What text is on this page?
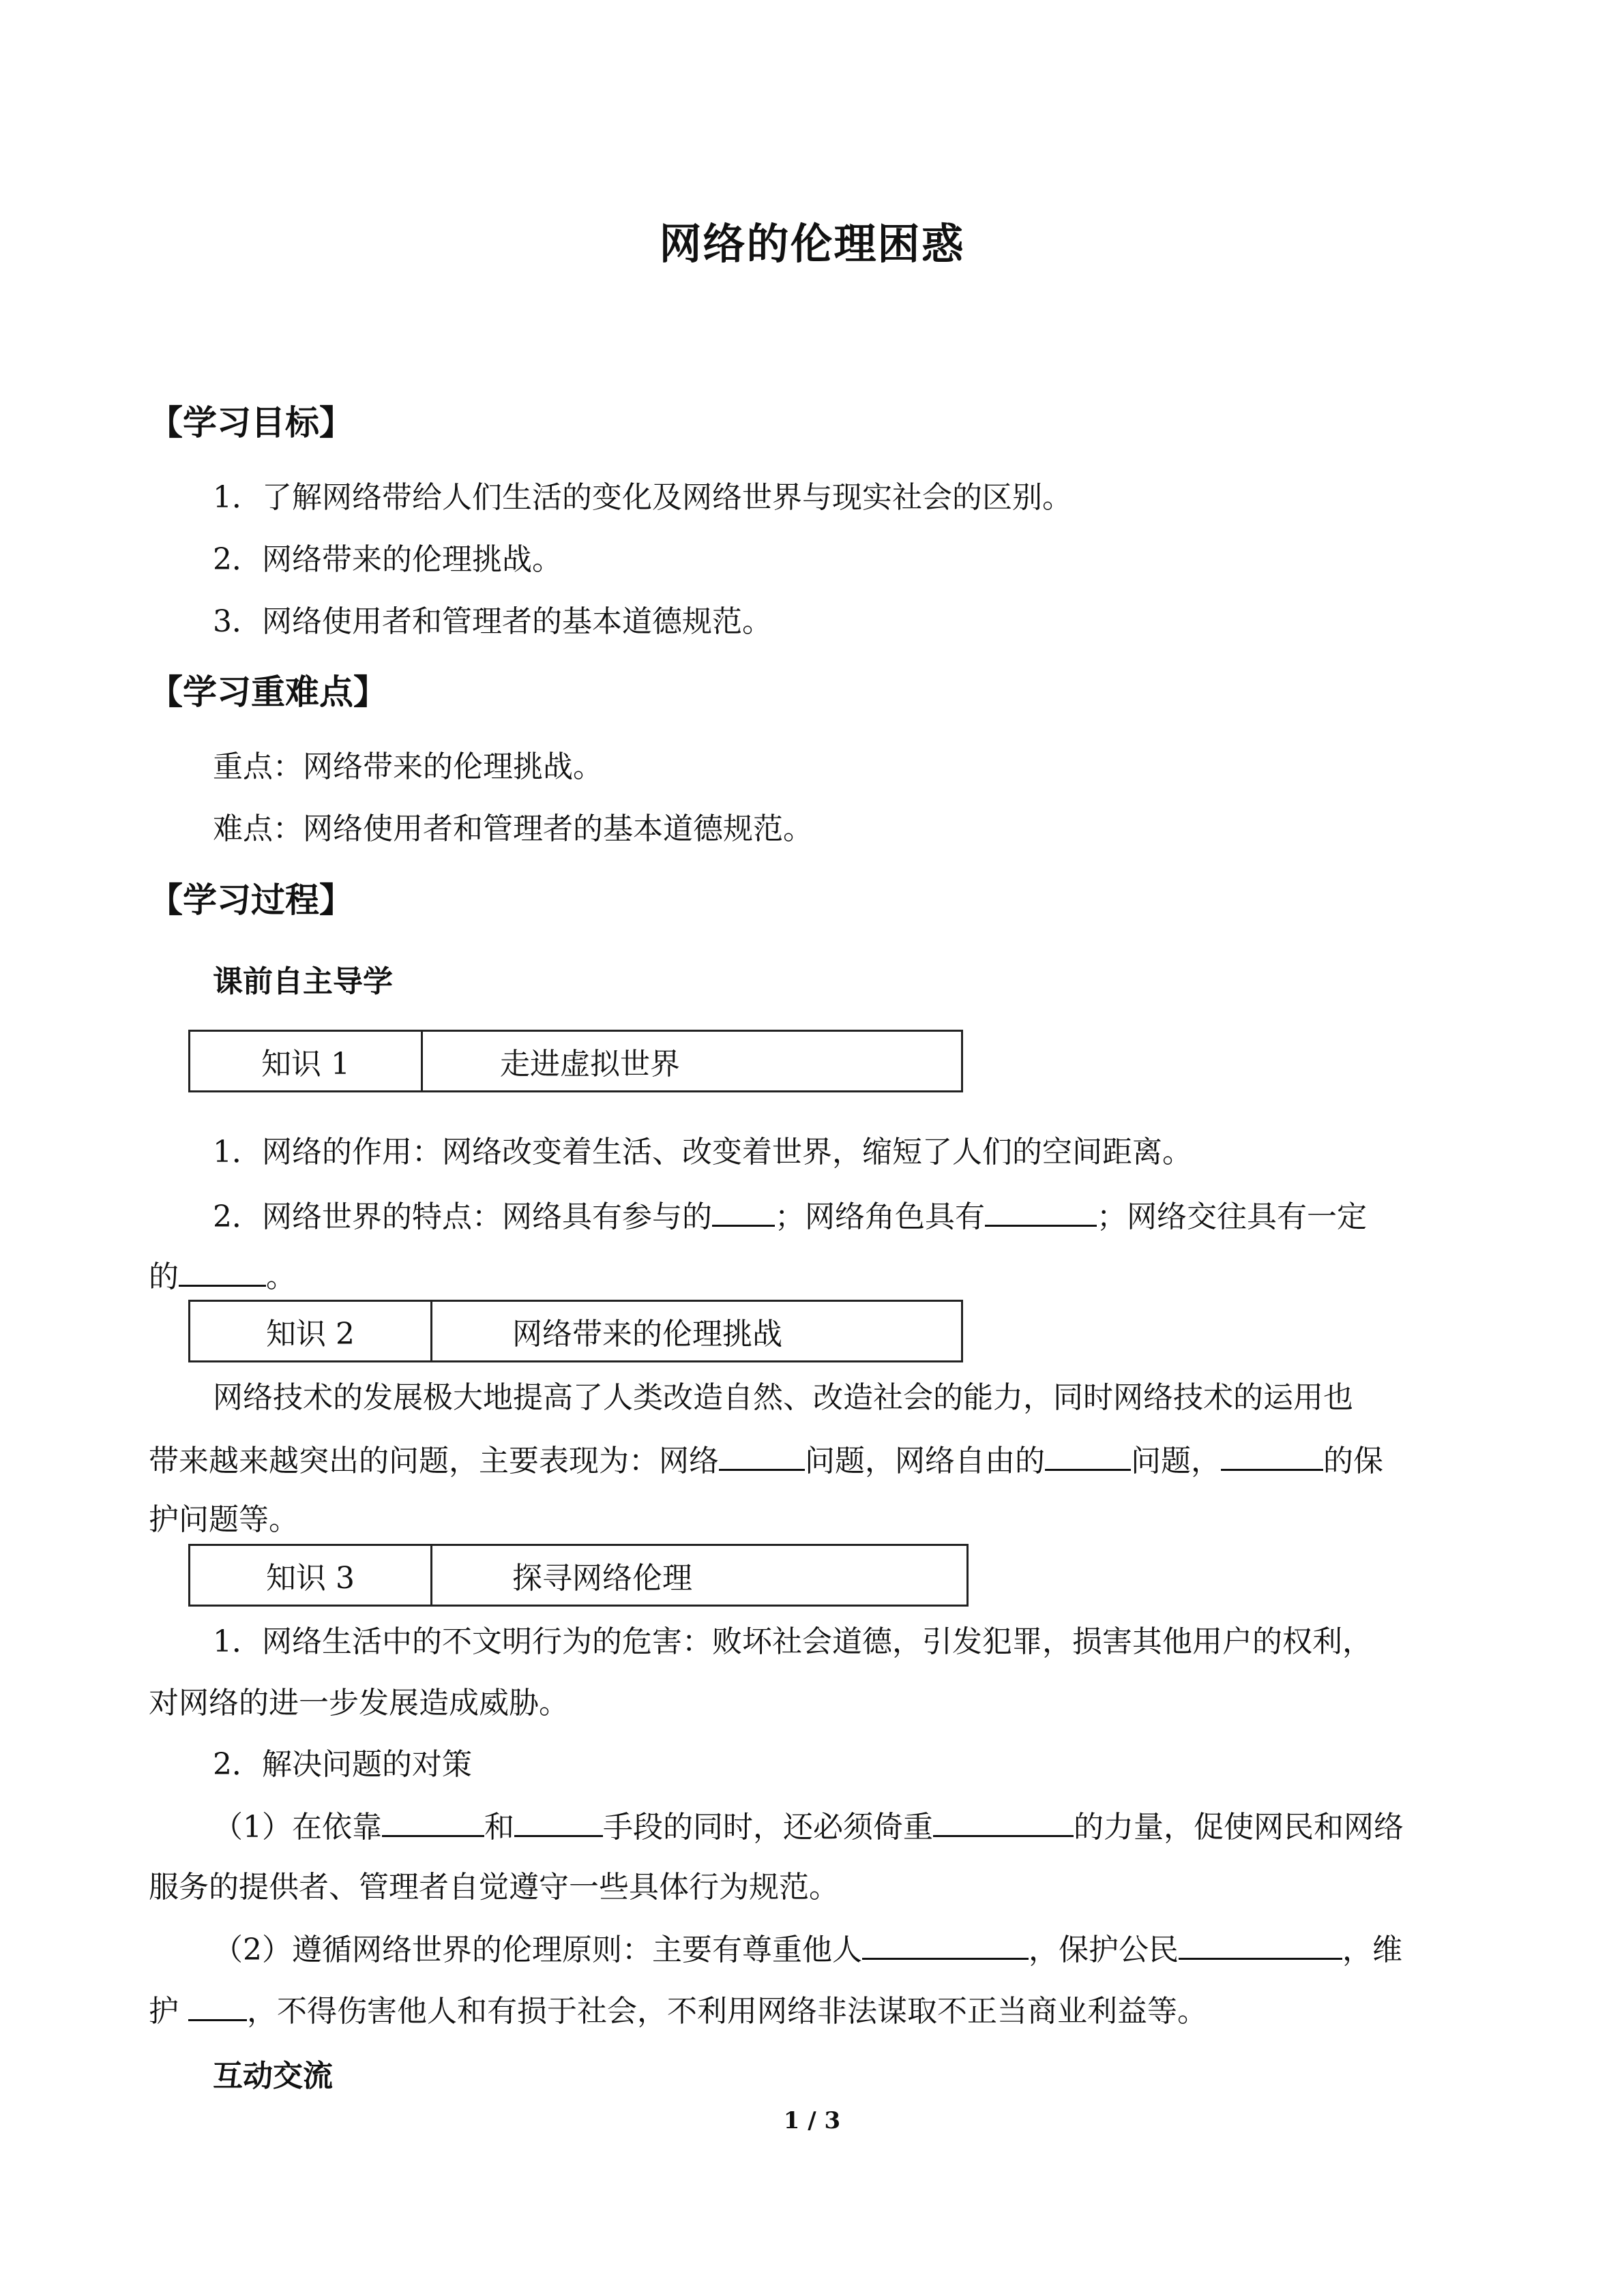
网络的伦理困惑
【学习目标】
1．了解网络带给人们生活的变化及网络世界与现实社会的区别。
2．网络带来的伦理挑战。
3．网络使用者和管理者的基本道德规范。
【学习重难点】
重点：网络带来的伦理挑战。
难点：网络使用者和管理者的基本道德规范。
【学习过程】
课前自主导学
知识 1	走进虚拟世界
1．网络的作用：网络改变着生活、改变着世界，缩短了人们的空间距离。
2．网络世界的特点：网络具有参与的 ；网络角色具有	；网络交往具有一定
的	。
知识 2	网络带来的伦理挑战
网络技术的发展极大地提高了人类改造自然、改造社会的能力，同时网络技术的运用也
带来越来越突出的问题，主要表现为：网络	问题，网络自由的	问题，	的保
护问题等。
知识 3	探寻网络伦理
1．网络生活中的不文明行为的危害：败坏社会道德，引发犯罪，损害其他用户的权利，
对网络的进一步发展造成威胁。
2．解决问题的对策
（1）在依靠	和	手段的同时，还必须倚重	的力量，促使网民和网络
服务的提供者、管理者自觉遵守一些具体行为规范。
（2）遵循网络世界的伦理原则：主要有尊重他人	，保护公民	，维
护 ，不得伤害他人和有损于社会，不利用网络非法谋取不正当商业利益等。
互动交流
1 / 3
